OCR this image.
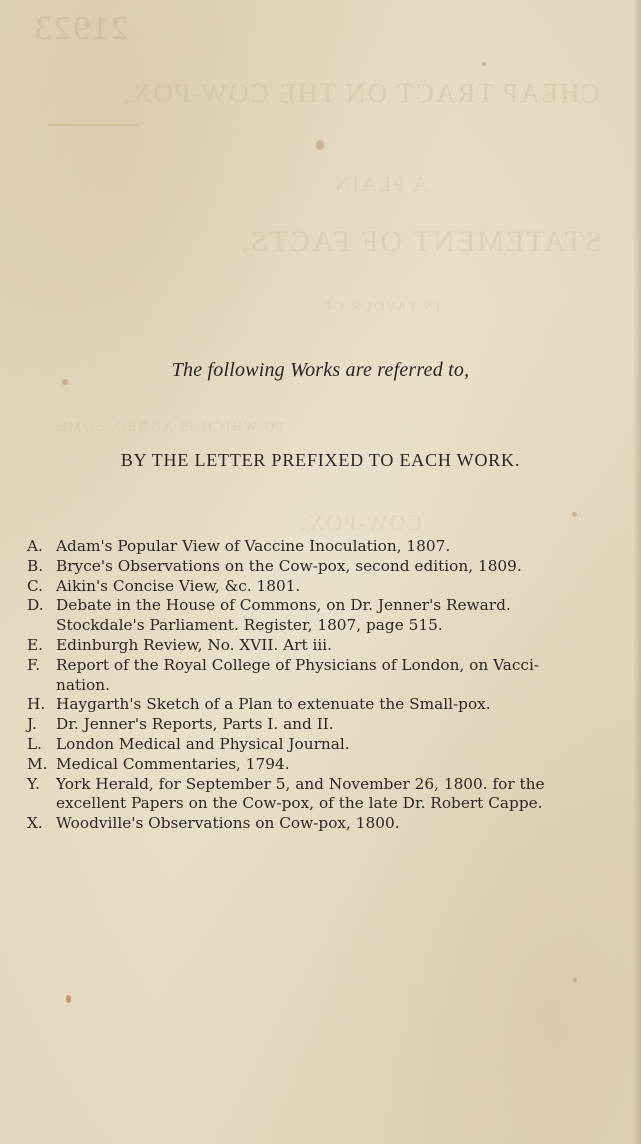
21923
CHEAP TRACT ON THE COW-POX,
A PLAIN
STATEMENT OF FACTS,
IN FAVOUR OF
TO WHICH IS ADDED, SOME
COW-POX.
The following Works are referred to,
BY THE LETTER PREFIXED TO EACH WORK.
A. Adam's Popular View of Vaccine Inoculation, 1807.
B. Bryce's Observations on the Cow-pox, second edition, 1809.
C. Aikin's Concise View, &c. 1801.
D. Debate in the House of Commons, on Dr. Jenner's Reward.
Stockdale's Parliament. Register, 1807, page 515.
E. Edinburgh Review, No. XVII. Art iii.
F.	Report of the Royal College of Physicians of London, on Vacci-
nation.
H. Haygarth's Sketch of a Plan to extenuate the Small-pox.
J.	Dr. Jenner's Reports, Parts I. and II.
L. London Medical and Physical Journal.
M. Medical Commentaries, 1794.
Y.	York Herald, for September 5, and November 26, 1800. for the
excellent Papers on the Cow-pox, of the late Dr. Robert Cappe.
X. Woodville's Observations on Cow-pox, 1800.
